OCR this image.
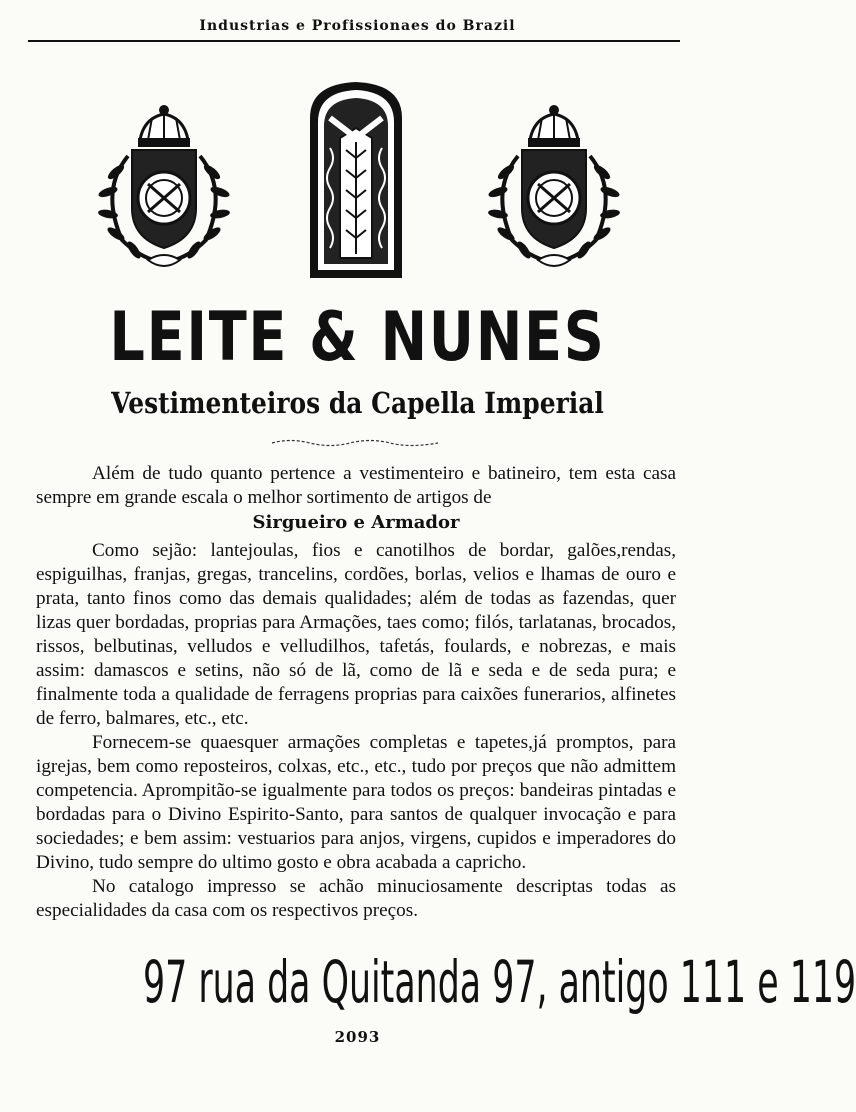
Industrias e Profissionaes do Brazil
LEITE & NUNES
Vestimenteiros da Capella Imperial

Além de tudo quanto pertence a vestimenteiro e batineiro, tem esta casa sempre em grande escala o melhor sortimento de artigos de

Sirgueiro e Armador

Como sejão: lantejoulas, fios e canotilhos de bordar, galões,rendas, espiguilhas, franjas, gregas, trancelins, cordões, borlas, velios e lhamas de ouro e prata, tanto finos como das demais qualidades; além de todas as fazendas, quer lizas quer bordadas, proprias para Armações, taes como; filós, tarlatanas, brocados, rissos, belbutinas, velludos e velludilhos, tafetás, foulards, e nobrezas, e mais assim: damascos e setins, não só de lã, como de lã e seda e de seda pura; e finalmente toda a qualidade de ferragens proprias para caixões funerarios, alfinetes de ferro, balmares, etc., etc.

Fornecem-se quaesquer armações completas e tapetes,já promptos, para igrejas, bem como reposteiros, colxas, etc., etc., tudo por preços que não admittem competencia. Aprompitão-se igualmente para todos os preços: bandeiras pintadas e bordadas para o Divino Espirito-Santo, para santos de qualquer invocação e para sociedades; e bem assim: vestuarios para anjos, virgens, cupidos e imperadores do Divino, tudo sempre do ultimo gosto e obra acabada a capricho.

No catalogo impresso se achão minuciosamente descriptas todas as especialidades da casa com os respectivos preços.

97 rua da Quitanda 97, antigo 111 e 119
2093
